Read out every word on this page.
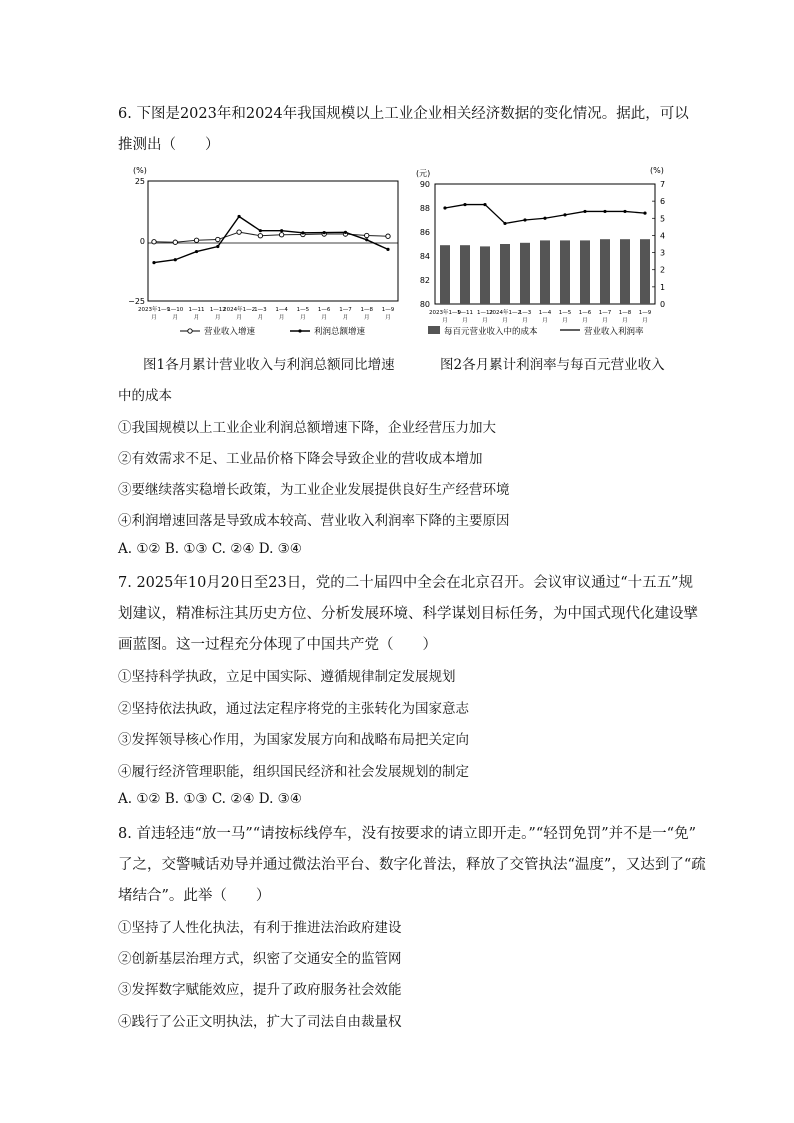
6. 下图是2023年和2024年我国规模以上工业企业相关经济数据的变化情况。据此，可以
推测出（　　）
(%)
25
0
−25
2023年1—9
月
1—10
月
1—11
月
1—12
月
2024年1—2
月
1—3
月
1—4
月
1—5
月
1—6
月
1—7
月
1—8
月
1—9
月
营业收入增速	利润总额增速
(元)	(%)
80
82
84
86
88
90
0
1
2
3
4
5
6
7
2023年1—9
月
1—11
月
1—12
月
2024年1—2
月
1—3
月
1—4
月
1—5
月
1—6
月
1—7
月
1—8
月
1—9
月
每百元营业收入中的成本	营业收入利润率
图1各月累计营业收入与利润总额同比增速	图2各月累计利润率与每百元营业收入
中的成本
①我国规模以上工业企业利润总额增速下降，企业经营压力加大
②有效需求不足、工业品价格下降会导致企业的营收成本增加
③要继续落实稳增长政策，为工业企业发展提供良好生产经营环境
④利润增速回落是导致成本较高、营业收入利润率下降的主要原因
A. ①② B. ①③ C. ②④ D. ③④
7. 2025年10月20日至23日，党的二十届四中全会在北京召开。会议审议通过“十五五”规
划建议，精准标注其历史方位、分析发展环境、科学谋划目标任务，为中国式现代化建设擘
画蓝图。这一过程充分体现了中国共产党（　　）
①坚持科学执政，立足中国实际、遵循规律制定发展规划
②坚持依法执政，通过法定程序将党的主张转化为国家意志
③发挥领导核心作用，为国家发展方向和战略布局把关定向
④履行经济管理职能，组织国民经济和社会发展规划的制定
A. ①② B. ①③ C. ②④ D. ③④
8. 首违轻违“放一马”“请按标线停车，没有按要求的请立即开走。”“轻罚免罚”并不是一“免”
了之，交警喊话劝导并通过微法治平台、数字化普法，释放了交管执法“温度”，又达到了“疏
堵结合”。此举（　　）
①坚持了人性化执法，有利于推进法治政府建设
②创新基层治理方式，织密了交通安全的监管网
③发挥数字赋能效应，提升了政府服务社会效能
④践行了公正文明执法，扩大了司法自由裁量权
